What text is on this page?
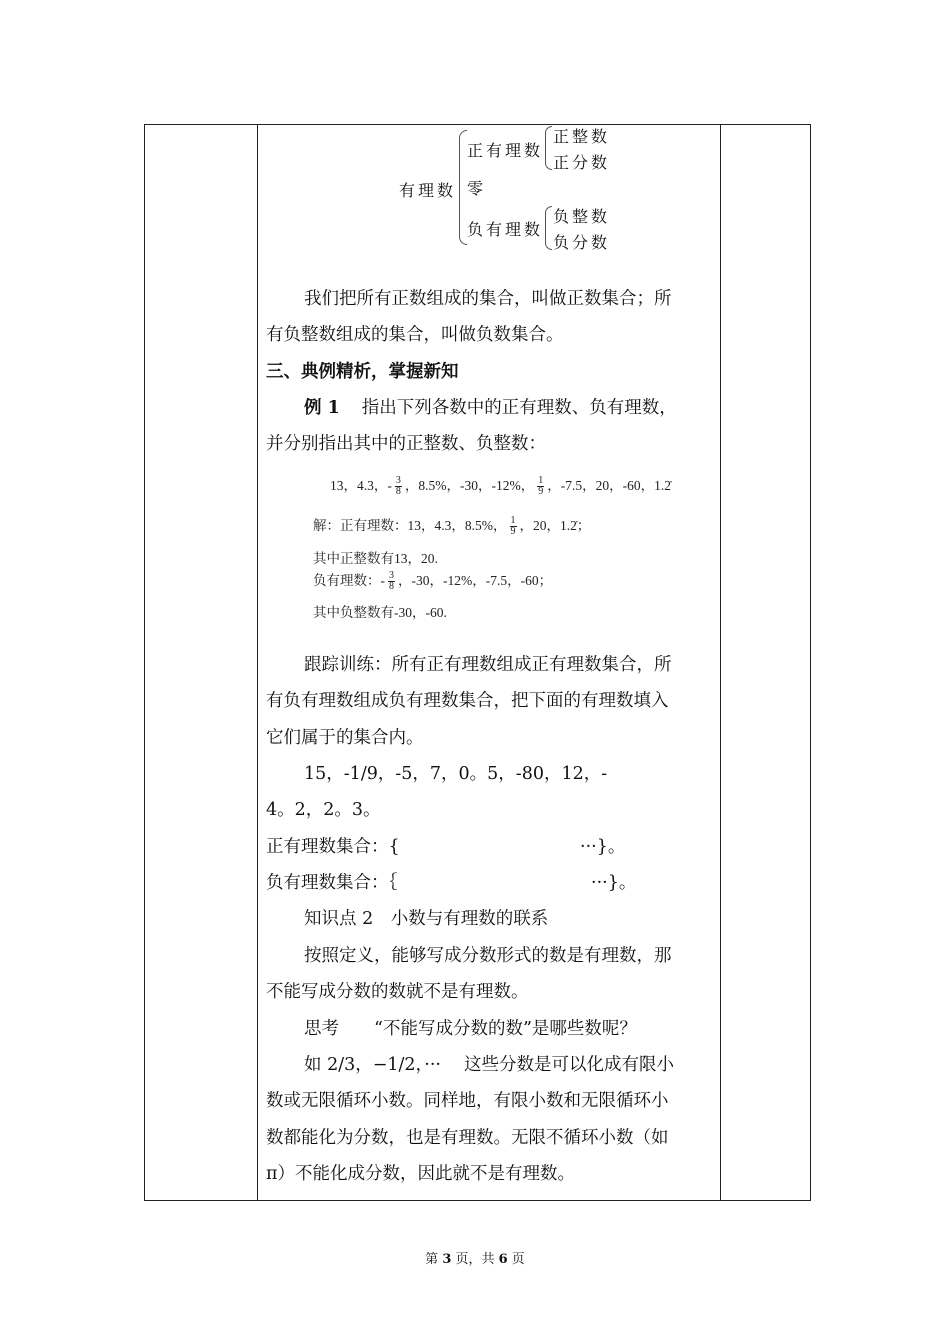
有理数
正有理数
零
负有理数
正整数
正分数
负整数
负分数
我们把所有正数组成的集合，叫做正数集合；所
有负整数组成的集合，叫做负数集合。
三、典例精析，掌握新知
例 1 指出下列各数中的正有理数、负有理数，
并分别指出其中的正整数、负整数：
13，4.3，- $\frac{3}{8}$ ，8.5%，-30，-12%， $\frac{1}{9}$ ，-7.5，20，-60，1.2̇
解：正有理数：13，4.3，8.5%， $\frac{1}{9}$ ，20，1.2̇；
其中正整数有13，20.
负有理数：- $\frac{3}{8}$ ，-30，-12%，-7.5，-60；
其中负整数有-30，-60.
跟踪训练：所有正有理数组成正有理数集合，所
有负有理数组成负有理数集合，把下面的有理数填入
它们属于的集合内。
15，-1/9，-5，7，0。5，-80，12，-
4。2，2。3。
正有理数集合：{	···}。
负有理数集合：｛	···}。
知识点 2　小数与有理数的联系
按照定义，能够写成分数形式的数是有理数，那
不能写成分数的数就不是有理数。
思考　　“不能写成分数的数”是哪些数呢？
如 2/3，−1/2，···　 这些分数是可以化成有限小
数或无限循环小数。同样地，有限小数和无限循环小
数都能化为分数，也是有理数。无限不循环小数（如
π）不能化成分数，因此就不是有理数。
第 3 页，共 6 页
